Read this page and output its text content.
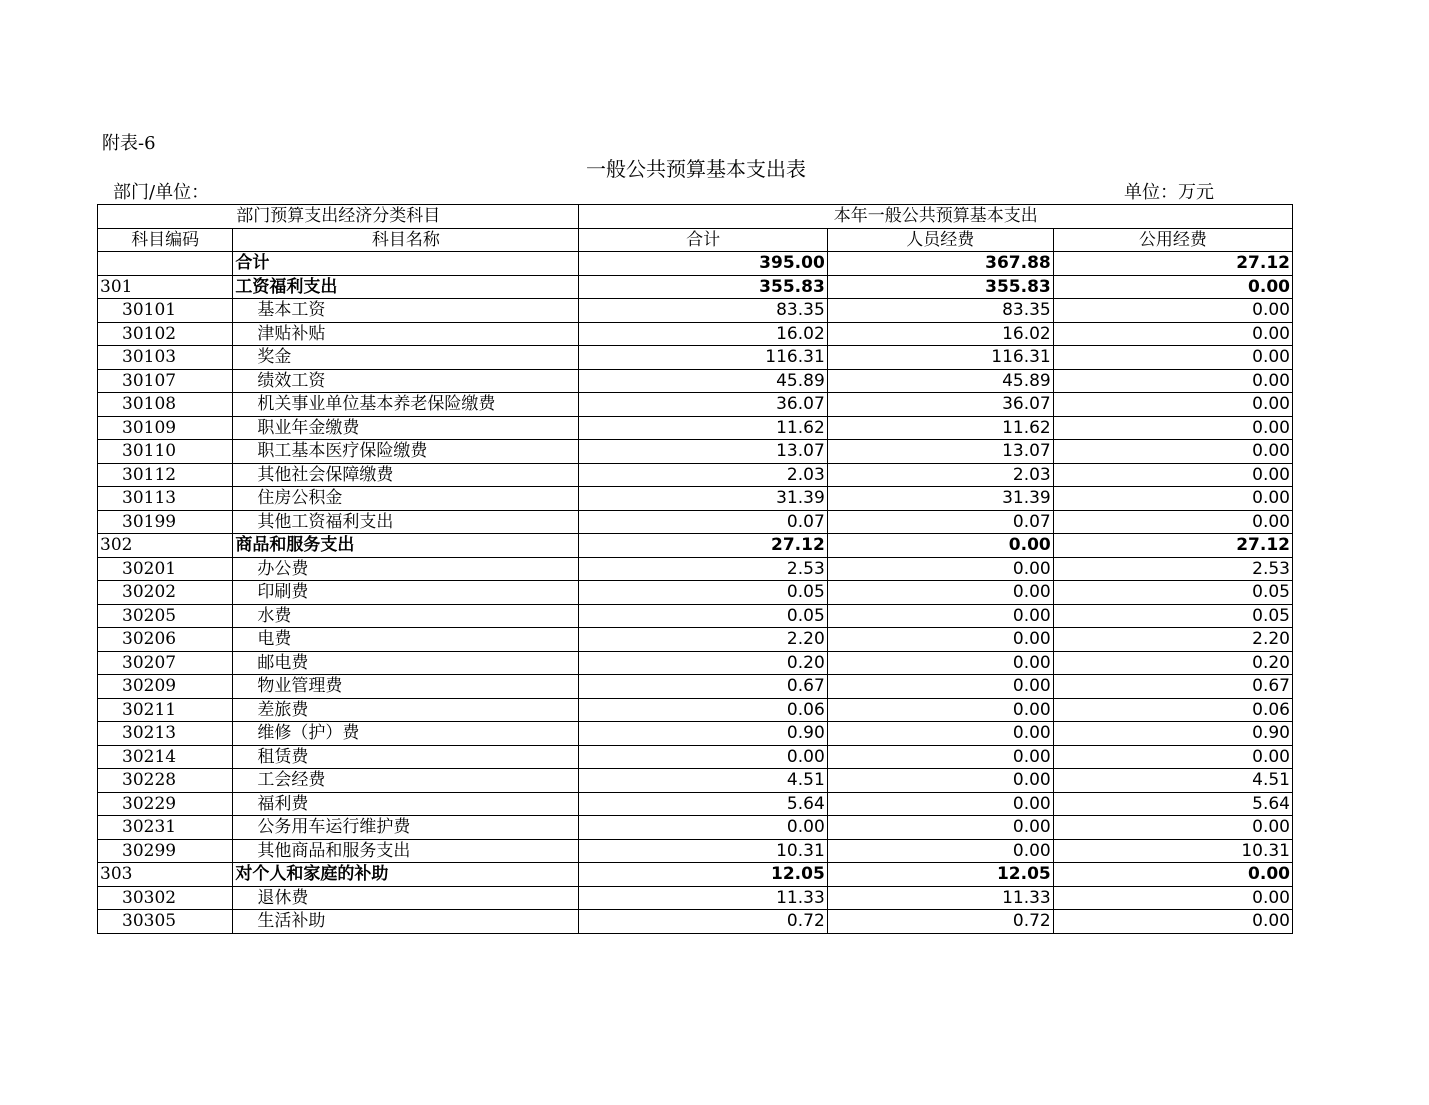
附表-6
一般公共预算基本支出表
部门/单位：	单位：万元
部门预算支出经济分类科目		本年一般公共预算基本支出		
科目编码	科目名称	合计	人员经费	公用经费
	合计	395.00	367.88	27.12
301	工资福利支出	355.83	355.83	0.00
30101	基本工资	83.35	83.35	0.00
30102	津贴补贴	16.02	16.02	0.00
30103	奖金	116.31	116.31	0.00
30107	绩效工资	45.89	45.89	0.00
30108	机关事业单位基本养老保险缴费	36.07	36.07	0.00
30109	职业年金缴费	11.62	11.62	0.00
30110	职工基本医疗保险缴费	13.07	13.07	0.00
30112	其他社会保障缴费	2.03	2.03	0.00
30113	住房公积金	31.39	31.39	0.00
30199	其他工资福利支出	0.07	0.07	0.00
302	商品和服务支出	27.12	0.00	27.12
30201	办公费	2.53	0.00	2.53
30202	印刷费	0.05	0.00	0.05
30205	水费	0.05	0.00	0.05
30206	电费	2.20	0.00	2.20
30207	邮电费	0.20	0.00	0.20
30209	物业管理费	0.67	0.00	0.67
30211	差旅费	0.06	0.00	0.06
30213	维修（护）费	0.90	0.00	0.90
30214	租赁费	0.00	0.00	0.00
30228	工会经费	4.51	0.00	4.51
30229	福利费	5.64	0.00	5.64
30231	公务用车运行维护费	0.00	0.00	0.00
30299	其他商品和服务支出	10.31	0.00	10.31
303	对个人和家庭的补助	12.05	12.05	0.00
30302	退休费	11.33	11.33	0.00
30305	生活补助	0.72	0.72	0.00
